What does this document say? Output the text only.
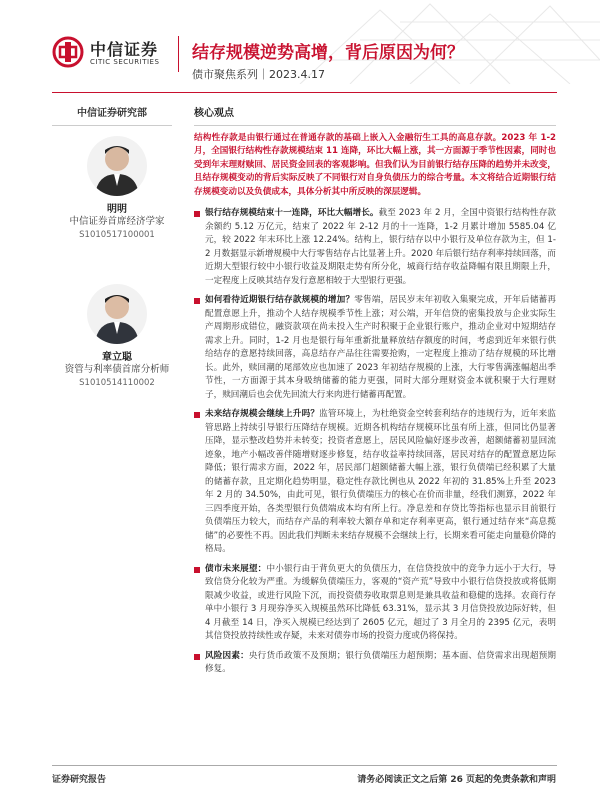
中信证券
CITIC SECURITIES 结存规模逆势高增，背后原因为何？
债市聚焦系列｜2023.4.17
中信证券研究部
明明
中信证券首席经济学家
S1010517100001
章立聪
资管与利率债首席分析师
S1010514110002
核心观点
结构性存款是由银行通过在普通存款的基础上嵌入入金融衍生工具的高息存款。2023 年 1-2 月，全国银行结构性存款规模结束 11 连降，环比大幅上涨，其一方面源于季节性因素，同时也受到年末理财赎回、居民资金回表的客观影响。但我们认为目前银行结存压降的趋势并未改变，且结存规模变动的背后实际反映了不同银行对自身负债压力的综合考量。本文将结合近期银行结存规模变动以及负债成本，具体分析其中所反映的深层逻辑。
银行结存规模结束十一连降，环比大幅增长。截至 2023 年 2 月，全国中资银行结构性存款余额约 5.12 万亿元，结束了 2022 年 2-12 月的十一连降，1-2 月累计增加 5585.04 亿元，较 2022 年末环比上涨 12.24%。结构上，银行结存以中小银行及单位存款为主，但 1-2 月数据显示新增规模中大行零售结存占比显著上升。2020 年后银行结存利率持续回落，而近期大型银行较中小银行收益及期限走势有所分化，城商行结存收益降幅有限且期限上升，一定程度上反映其结存发行意愿相较于大型银行更强。
如何看待近期银行结存款规模的增加？零售端，居民岁末年初收入集聚完成，开年后储蓄再配置意愿上升，推动个人结存规模季节性上涨；对公端，开年信贷的密集投放与企业实际生产周期形成错位，融资款项在尚未投入生产时积聚于企业银行账户，推动企业对中短期结存需求上升。同时，1-2 月也是银行每年重新批量释放结存额度的时间，考虑到近年来银行供给结存的意愿持续回落，高息结存产品往往需要抢购，一定程度上推动了结存规模的环比增长。此外，赎回潮的尾部效应也加速了 2023 年初结存规模的上涨，大行零售满涨幅超出季节性，一方面源于其本身吸纳储蓄的能力更强，同时大部分理财资金本就积聚于大行理财子，赎回潮后也会优先回流大行来肉进行储蓄再配置。
未来结存规模会继续上升吗？监管环境上，为杜绝资金空转套利结存的违规行为，近年来监管思路上持续引导银行压降结存规模。近期各机构结存规模环比虽有所上涨，但同比仍显著压降，显示整改趋势并未转变；投资者意愿上，居民风险偏好逐步改善，超额储蓄初显回流迹象，地产小幅改善伴随增财逐步修复，结存收益率持续回落，居民对结存的配置意愿边际降低；银行需求方面，2022 年，居民部门超额储蓄大幅上涨，银行负债端已经积累了大量的储蓄存款，且定期化趋势明显，稳定性存款比例也从 2022 年初的 31.85%上升至 2023 年 2 月的 34.50%，由此可见，银行负债端压力的核心在价而非量，经我们测算，2022 年三四季度开始，各类型银行负债端成本均有所上行。净息差和存贷比等指标也显示目前银行负债端压力较大，而结存产品的利率较大额存单和定存利率更高，银行通过结存来“高息揽储”的必要性不再。因此我们判断未来结存规模不会继续上行，长期来看可能走向量稳价降的格局。
债市未来展望：中小银行由于背负更大的负债压力，在信贷投放中的竞争力远小于大行，导致信贷分化较为严重。为缓解负债端压力，客观的“资产荒”导致中小银行信贷投放或将低期限减少收益，或进行风险下沉，而投资债券收取票息则是兼具收益和稳健的选择。农商行存单中小银行 3 月现券净买入规模虽然环比降低 63.31%，显示其 3 月信贷投放边际好转，但 4 月截至 14 日，净买入规模已经达到了 2605 亿元，超过了 3 月全月的 2395 亿元，表明其信贷投放持续性或存疑，未来对债券市场的投资力度或仍将保持。
风险因素：央行货币政策不及预期；银行负债端压力超预期；基本面、信贷需求出现超预期修复。
证券研究报告	请务必阅读正文之后第 26 页起的免责条款和声明
